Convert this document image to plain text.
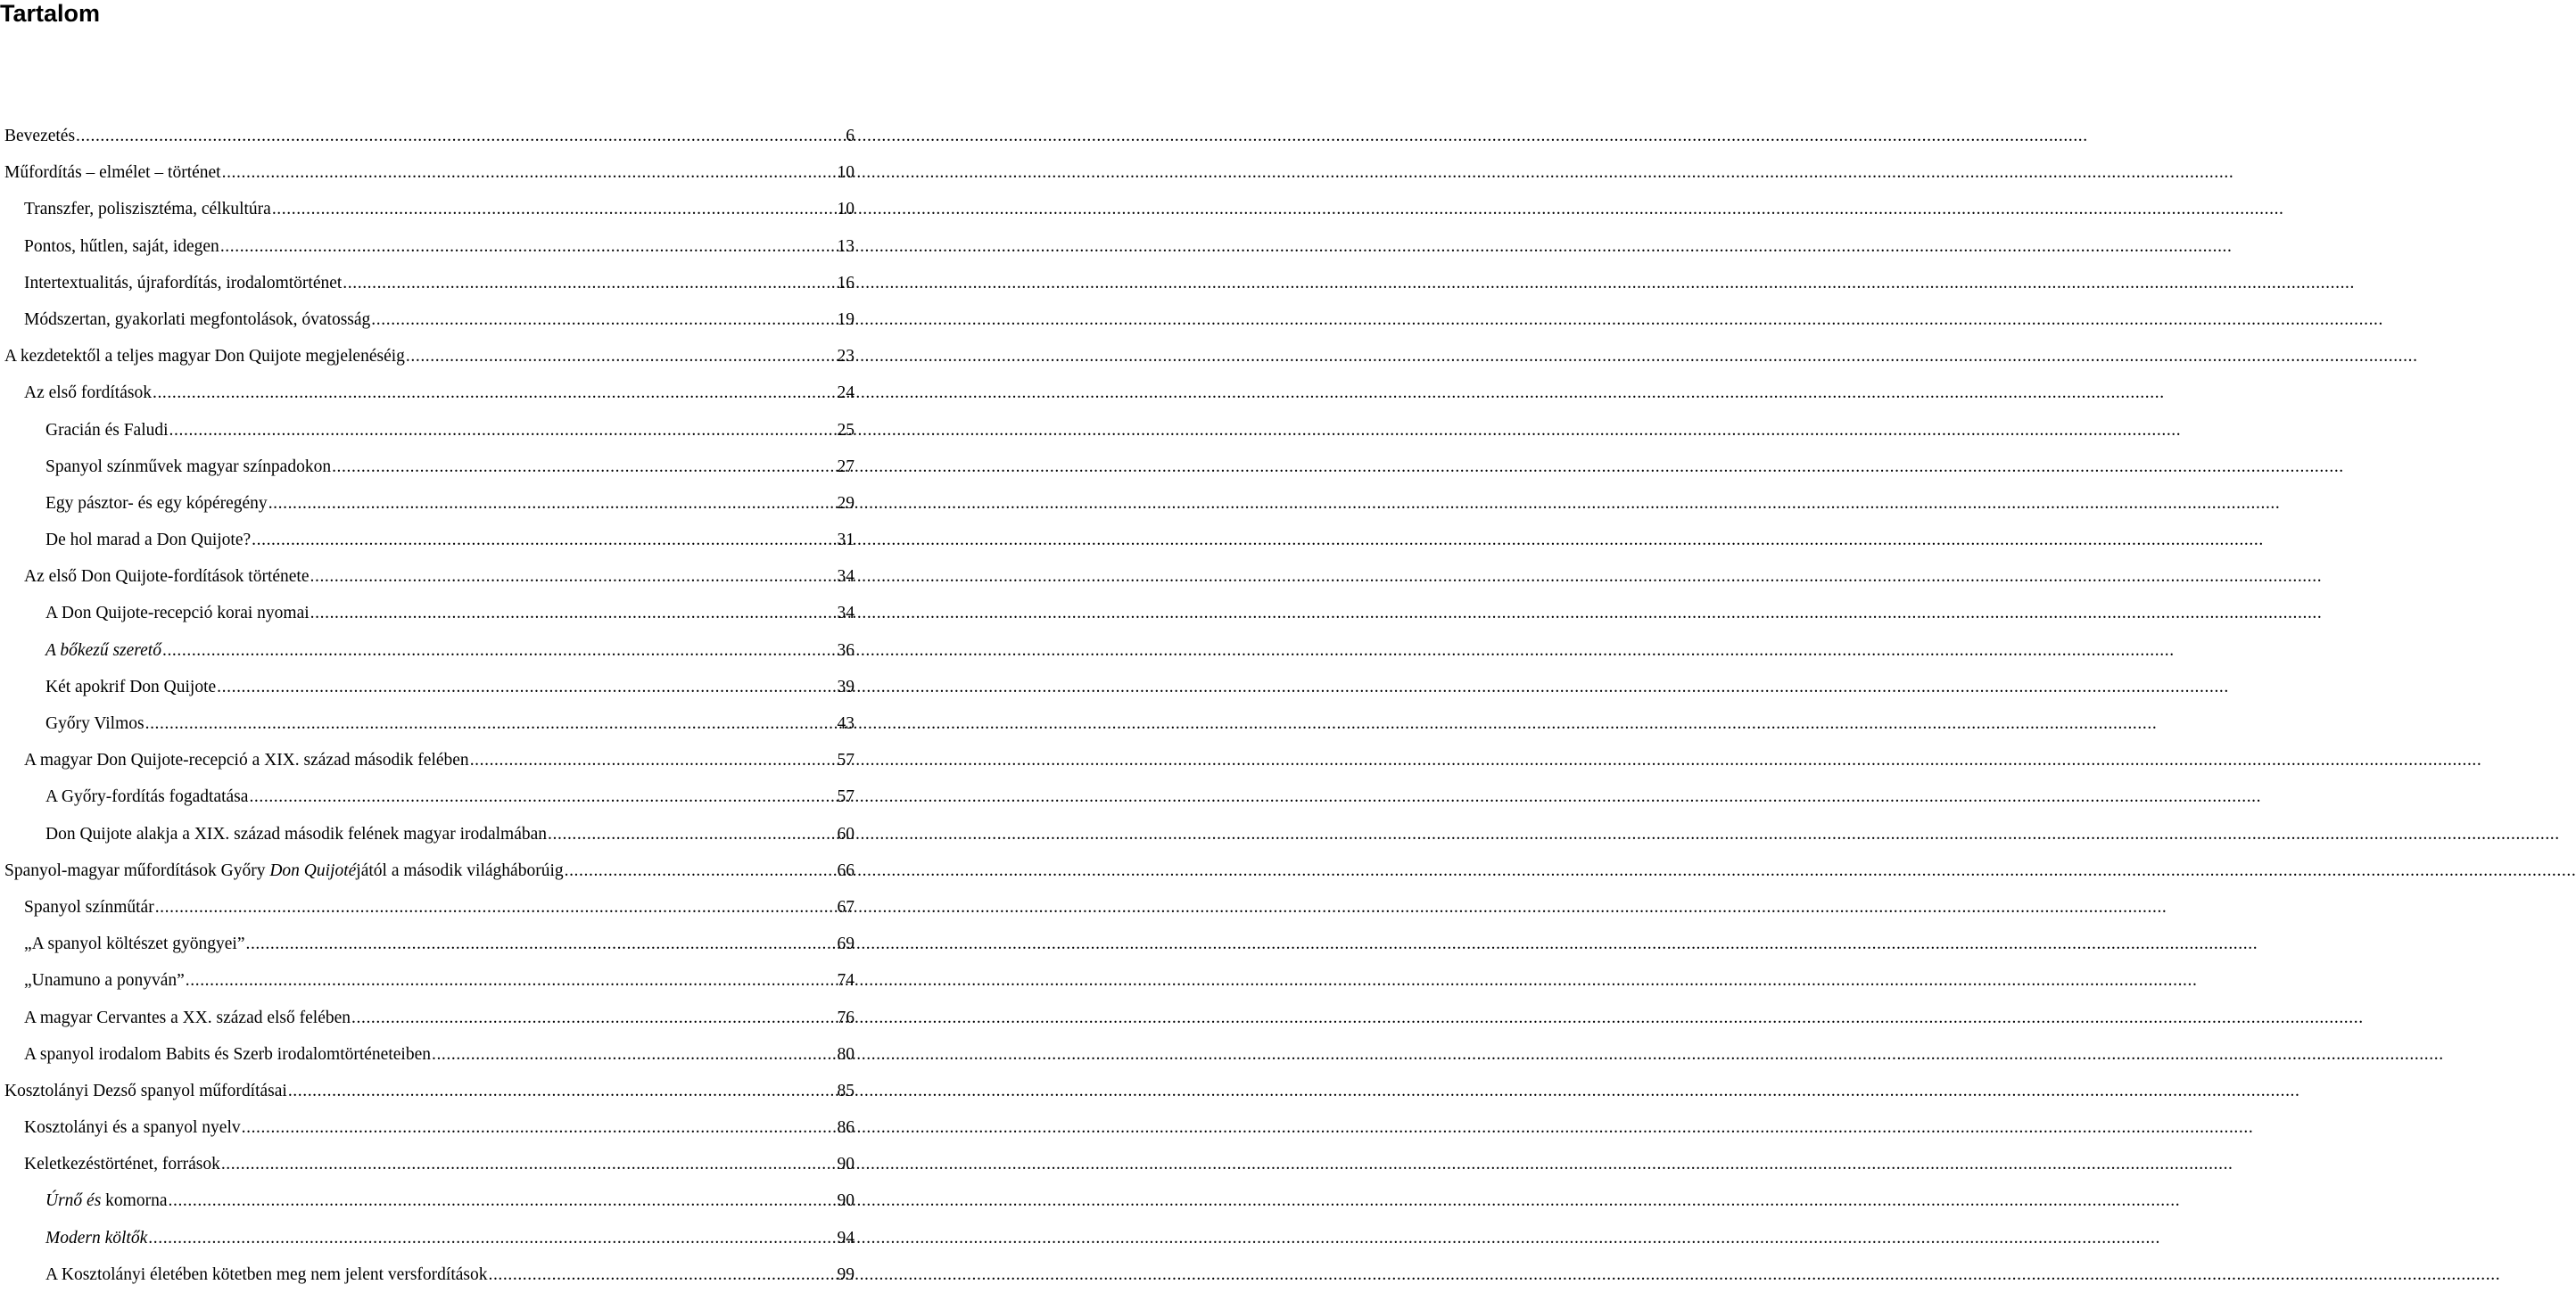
Tartalom
Bevezetés .....	6
Műfordítás – elmélet – történet .....	10
Transzfer, poliszisztéma, célkultúra .....	10
Pontos, hűtlen, saját, idegen .....	13
Intertextualitás, újrafordítás, irodalomtörténet .....	16
Módszertan, gyakorlati megfontolások, óvatosság .....	19
A kezdetektől a teljes magyar Don Quijote megjelenéséig .....	23
Az első fordítások .....	24
Gracián és Faludi .....	25
Spanyol színművek magyar színpadokon .....	27
Egy pásztor- és egy kópéregény .....	29
De hol marad a Don Quijote? .....	31
Az első Don Quijote-fordítások története .....	34
A Don Quijote-recepció korai nyomai .....	34
A bőkezű szerető .....	36
Két apokrif Don Quijote .....	39
Győry Vilmos .....	43
A magyar Don Quijote-recepció a XIX. század második felében .....	57
A Győry-fordítás fogadtatása .....	57
Don Quijote alakja a XIX. század második felének magyar irodalmában .....	60
Spanyol-magyar műfordítások Győry Don Quijotéjától a második világháborúig .....	66
Spanyol színműtár .....	67
„A spanyol költészet gyöngyei” .....	69
„Unamuno a ponyván” .....	74
A magyar Cervantes a XX. század első felében .....	76
A spanyol irodalom Babits és Szerb irodalomtörténeteiben .....	80
Kosztolányi Dezső spanyol műfordításai .....	85
Kosztolányi és a spanyol nyelv .....	86
Keletkezéstörténet, források .....	90
Úrnő és komorna .....	90
Modern költők .....	94
A Kosztolányi életében kötetben meg nem jelent versfordítások .....	99
